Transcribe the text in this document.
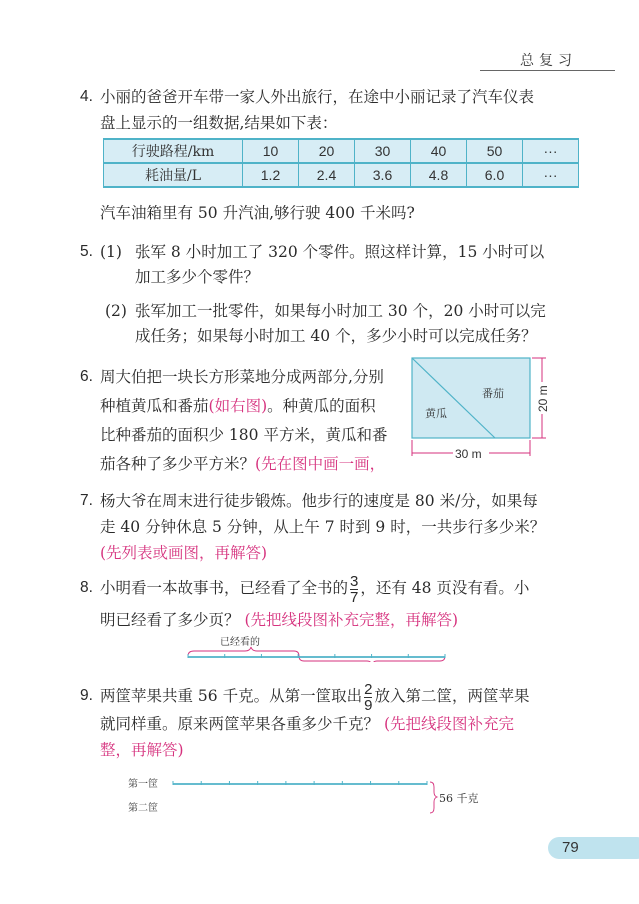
总复习
4. 小丽的爸爸开车带一家人外出旅行，在途中小丽记录了汽车仪表
盘上显示的一组数据,结果如下表：
行驶路程/km	10	20	30	40	50	···
耗油量/L	1.2	2.4	3.6	4.8	6.0	···
汽车油箱里有 50 升汽油,够行驶 400 千米吗?
5. (1) 张军 8 小时加工了 320 个零件。照这样计算，15 小时可以
加工多少个零件？
(2) 张军加工一批零件，如果每小时加工 30 个，20 小时可以完
成任务；如果每小时加工 40 个，多少小时可以完成任务？
6. 周大伯把一块长方形菜地分成两部分,分别
种植黄瓜和番茄(如右图)。种黄瓜的面积
比种番茄的面积少 180 平方米，黄瓜和番
茄各种了多少平方米？(先在图中画一画，
番茄
黄瓜
30 m
20 m
7. 杨大爷在周末进行徒步锻炼。他步行的速度是 80 米/分，如果每
走 40 分钟休息 5 分钟，从上午 7 时到 9 时，一共步行多少米？
(先列表或画图，再解答)
8. 小明看一本故事书，已经看了全书的 $\frac{3}{7}$ ，还有 48 页没有看。小
明已经看了多少页？ (先把线段图补充完整，再解答)
已经看的
9. 两筐苹果共重 56 千克。从第一筐取出 $\frac{2}{9}$ 放入第二筐，两筐苹果
就同样重。原来两筐苹果各重多少千克？ (先把线段图补充完
整，再解答)
第一筐
第二筐
56 千克
79
